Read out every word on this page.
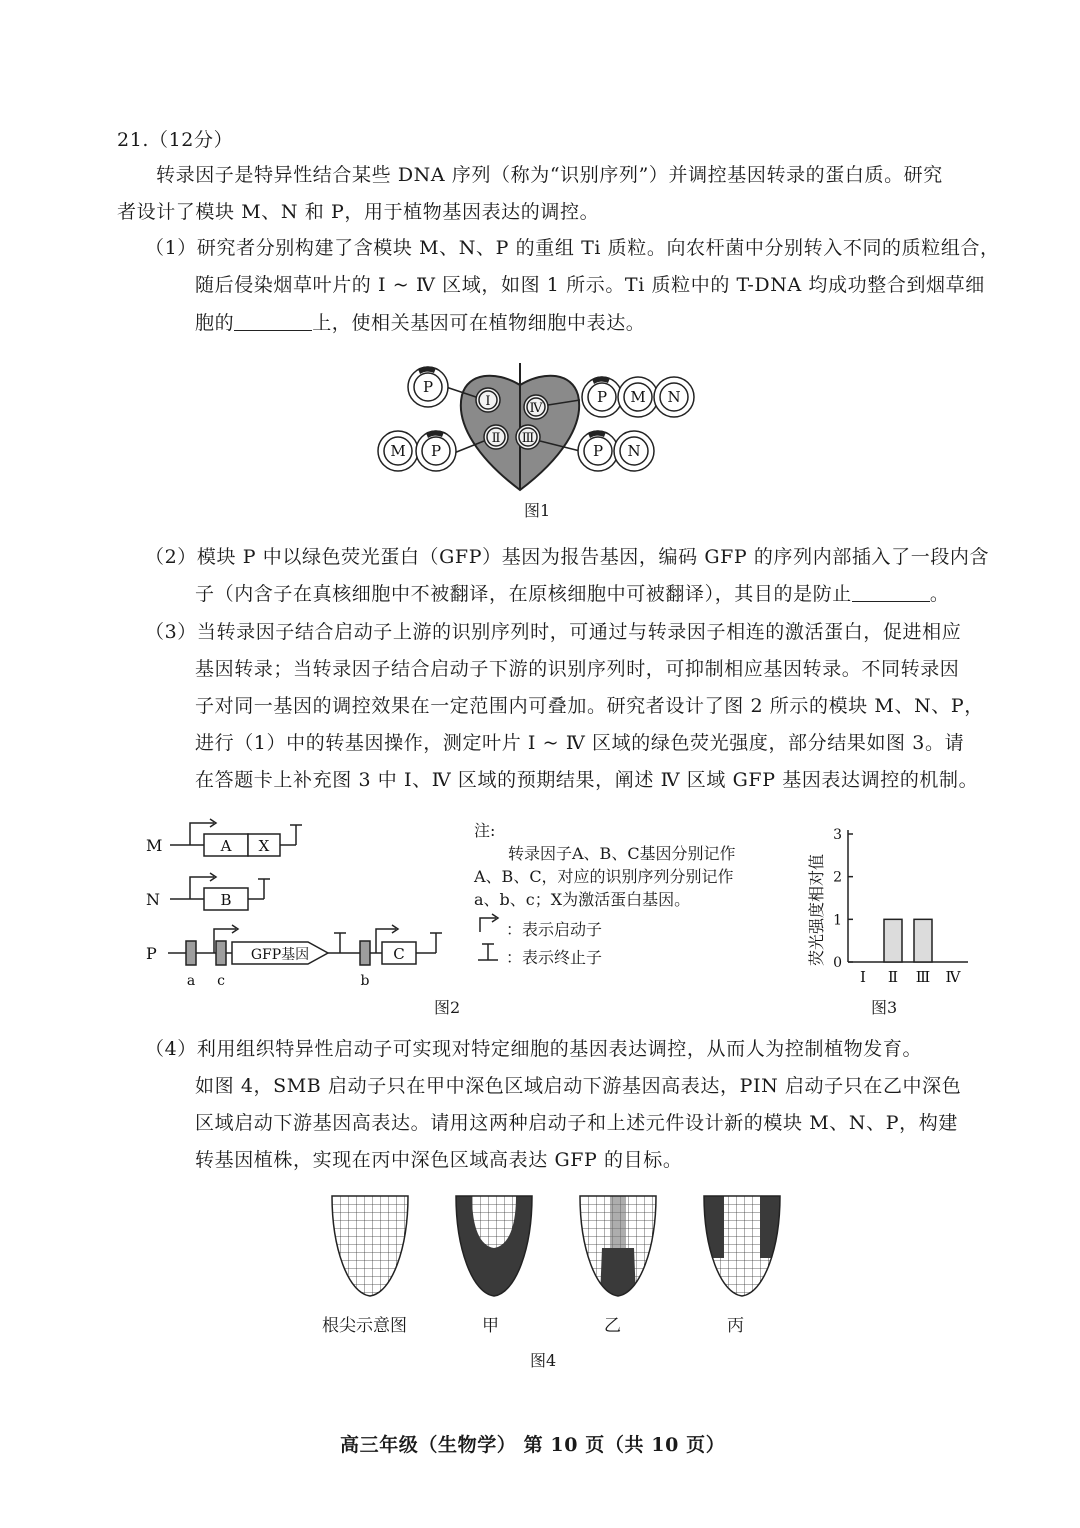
21.（12分）
转录因子是特异性结合某些 DNA 序列（称为“识别序列”）并调控基因转录的蛋白质。研究
者设计了模块 M、N 和 P，用于植物基因表达的调控。
（1）研究者分别构建了含模块 M、N、P 的重组 Ti 质粒。向农杆菌中分别转入不同的质粒组合，
随后侵染烟草叶片的 Ⅰ ~ Ⅳ 区域，如图 1 所示。Ti 质粒中的 T-DNA 均成功整合到烟草细
胞的	上，使相关基因可在植物细胞中表达。
Ⅰ	Ⅳ
Ⅱ Ⅲ
P
M P
P M N
P N
图1
（2）模块 P 中以绿色荧光蛋白（GFP）基因为报告基因，编码 GFP 的序列内部插入了一段内含
子（内含子在真核细胞中不被翻译，在原核细胞中可被翻译），其目的是防止	。
（3）当转录因子结合启动子上游的识别序列时，可通过与转录因子相连的激活蛋白，促进相应
基因转录；当转录因子结合启动子下游的识别序列时，可抑制相应基因转录。不同转录因
子对同一基因的调控效果在一定范围内可叠加。研究者设计了图 2 所示的模块 M、N、P，
进行（1）中的转基因操作，测定叶片 Ⅰ ~ Ⅳ 区域的绿色荧光强度，部分结果如图 3。请
在答题卡上补充图 3 中 Ⅰ、Ⅳ 区域的预期结果，阐述 Ⅳ 区域 GFP 基因表达调控的机制。
M
N
P
A X
B
GFP基因	C
a c	b
注:
转录因子A、B、C基因分别记作
A、B、C，对应的识别序列分别记作
a、b、c；X为激活蛋白基因。
：表示启动子
：表示终止子
图2
荧光强度相对值 0
1
2
3
Ⅰ Ⅱ Ⅲ Ⅳ
图3
（4）利用组织特异性启动子可实现对特定细胞的基因表达调控，从而人为控制植物发育。
如图 4，SMB 启动子只在甲中深色区域启动下游基因高表达，PIN 启动子只在乙中深色
区域启动下游基因高表达。请用这两种启动子和上述元件设计新的模块 M、N、P，构建
转基因植株，实现在丙中深色区域高表达 GFP 的目标。
根尖示意图	甲	乙	丙
图4
高三年级（生物学） 第 10 页（共 10 页）
